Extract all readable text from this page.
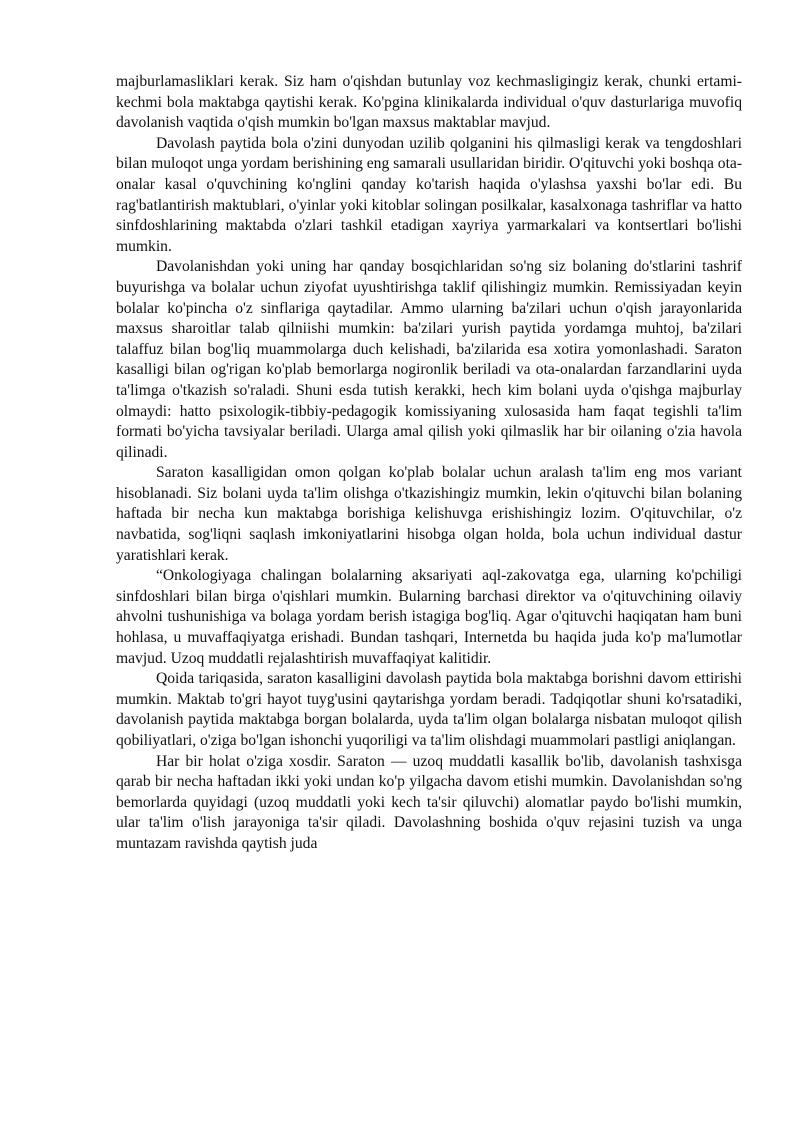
majburlamasliklari kerak. Siz ham o'qishdan butunlay voz kechmasligingiz kerak, chunki ertami-kechmi bola maktabga qaytishi kerak. Ko'pgina klinikalarda individual o'quv dasturlariga muvofiq davolanish vaqtida o'qish mumkin bo'lgan maxsus maktablar mavjud.

Davolash paytida bola o'zini dunyodan uzilib qolganini his qilmasligi kerak va tengdoshlari bilan muloqot unga yordam berishining eng samarali usullaridan biridir. O'qituvchi yoki boshqa ota-onalar kasal o'quvchining ko'nglini qanday ko'tarish haqida o'ylashsa yaxshi bo'lar edi. Bu rag'batlantirish maktublari, o'yinlar yoki kitoblar solingan posilkalar, kasalxonaga tashriflar va hatto sinfdoshlarining maktabda o'zlari tashkil etadigan xayriya yarmarkalari va kontsertlari bo'lishi mumkin.

Davolanishdan yoki uning har qanday bosqichlaridan so'ng siz bolaning do'stlarini tashrif buyurishga va bolalar uchun ziyofat uyushtirishga taklif qilishingiz mumkin. Remissiyadan keyin bolalar ko'pincha o'z sinflariga qaytadilar. Ammo ularning ba'zilari uchun o'qish jarayonlarida maxsus sharoitlar talab qilniishi mumkin: ba'zilari yurish paytida yordamga muhtoj, ba'zilari talaffuz bilan bog'liq muammolarga duch kelishadi, ba'zilarida esa xotira yomonlashadi. Saraton kasalligi bilan og'rigan ko'plab bemorlarga nogironlik beriladi va ota-onalardan farzandlarini uyda ta'limga o'tkazish so'raladi. Shuni esda tutish kerakki, hech kim bolani uyda o'qishga majburlay olmaydi: hatto psixologik-tibbiy-pedagogik komissiyaning xulosasida ham faqat tegishli ta'lim formati bo'yicha tavsiyalar beriladi. Ularga amal qilish yoki qilmaslik har bir oilaning o'zia havola qilinadi.

Saraton kasalligidan omon qolgan ko'plab bolalar uchun aralash ta'lim eng mos variant hisoblanadi. Siz bolani uyda ta'lim olishga o'tkazishingiz mumkin, lekin o'qituvchi bilan bolaning haftada bir necha kun maktabga borishiga kelishuvga erishishingiz lozim. O'qituvchilar, o'z navbatida, sog'liqni saqlash imkoniyatlarini hisobga olgan holda, bola uchun individual dastur yaratishlari kerak.

“Onkologiyaga chalingan bolalarning aksariyati aql-zakovatga ega, ularning ko'pchiligi sinfdoshlari bilan birga o'qishlari mumkin. Bularning barchasi direktor va o'qituvchining oilaviy ahvolni tushunishiga va bolaga yordam berish istagiga bog'liq. Agar o'qituvchi haqiqatan ham buni hohlasa, u muvaffaqiyatga erishadi. Bundan tashqari, Internetda bu haqida juda ko'p ma'lumotlar mavjud. Uzoq muddatli rejalashtirish muvaffaqiyat kalitidir.

Qoida tariqasida, saraton kasalligini davolash paytida bola maktabga borishni davom ettirishi mumkin. Maktab to'gri hayot tuyg'usini qaytarishga yordam beradi. Tadqiqotlar shuni ko'rsatadiki, davolanish paytida maktabga borgan bolalarda, uyda ta'lim olgan bolalarga nisbatan muloqot qilish qobiliyatlari, o'ziga bo'lgan ishonchi yuqoriligi va ta'lim olishdagi muammolari pastligi aniqlangan.

Har bir holat o'ziga xosdir. Saraton — uzoq muddatli kasallik bo'lib, davolanish tashxisga qarab bir necha haftadan ikki yoki undan ko'p yilgacha davom etishi mumkin. Davolanishdan so'ng bemorlarda quyidagi (uzoq muddatli yoki kech ta'sir qiluvchi) alomatlar paydo bo'lishi mumkin, ular ta'lim o'lish jarayoniga ta'sir qiladi. Davolashning boshida o'quv rejasini tuzish va unga muntazam ravishda qaytish juda
